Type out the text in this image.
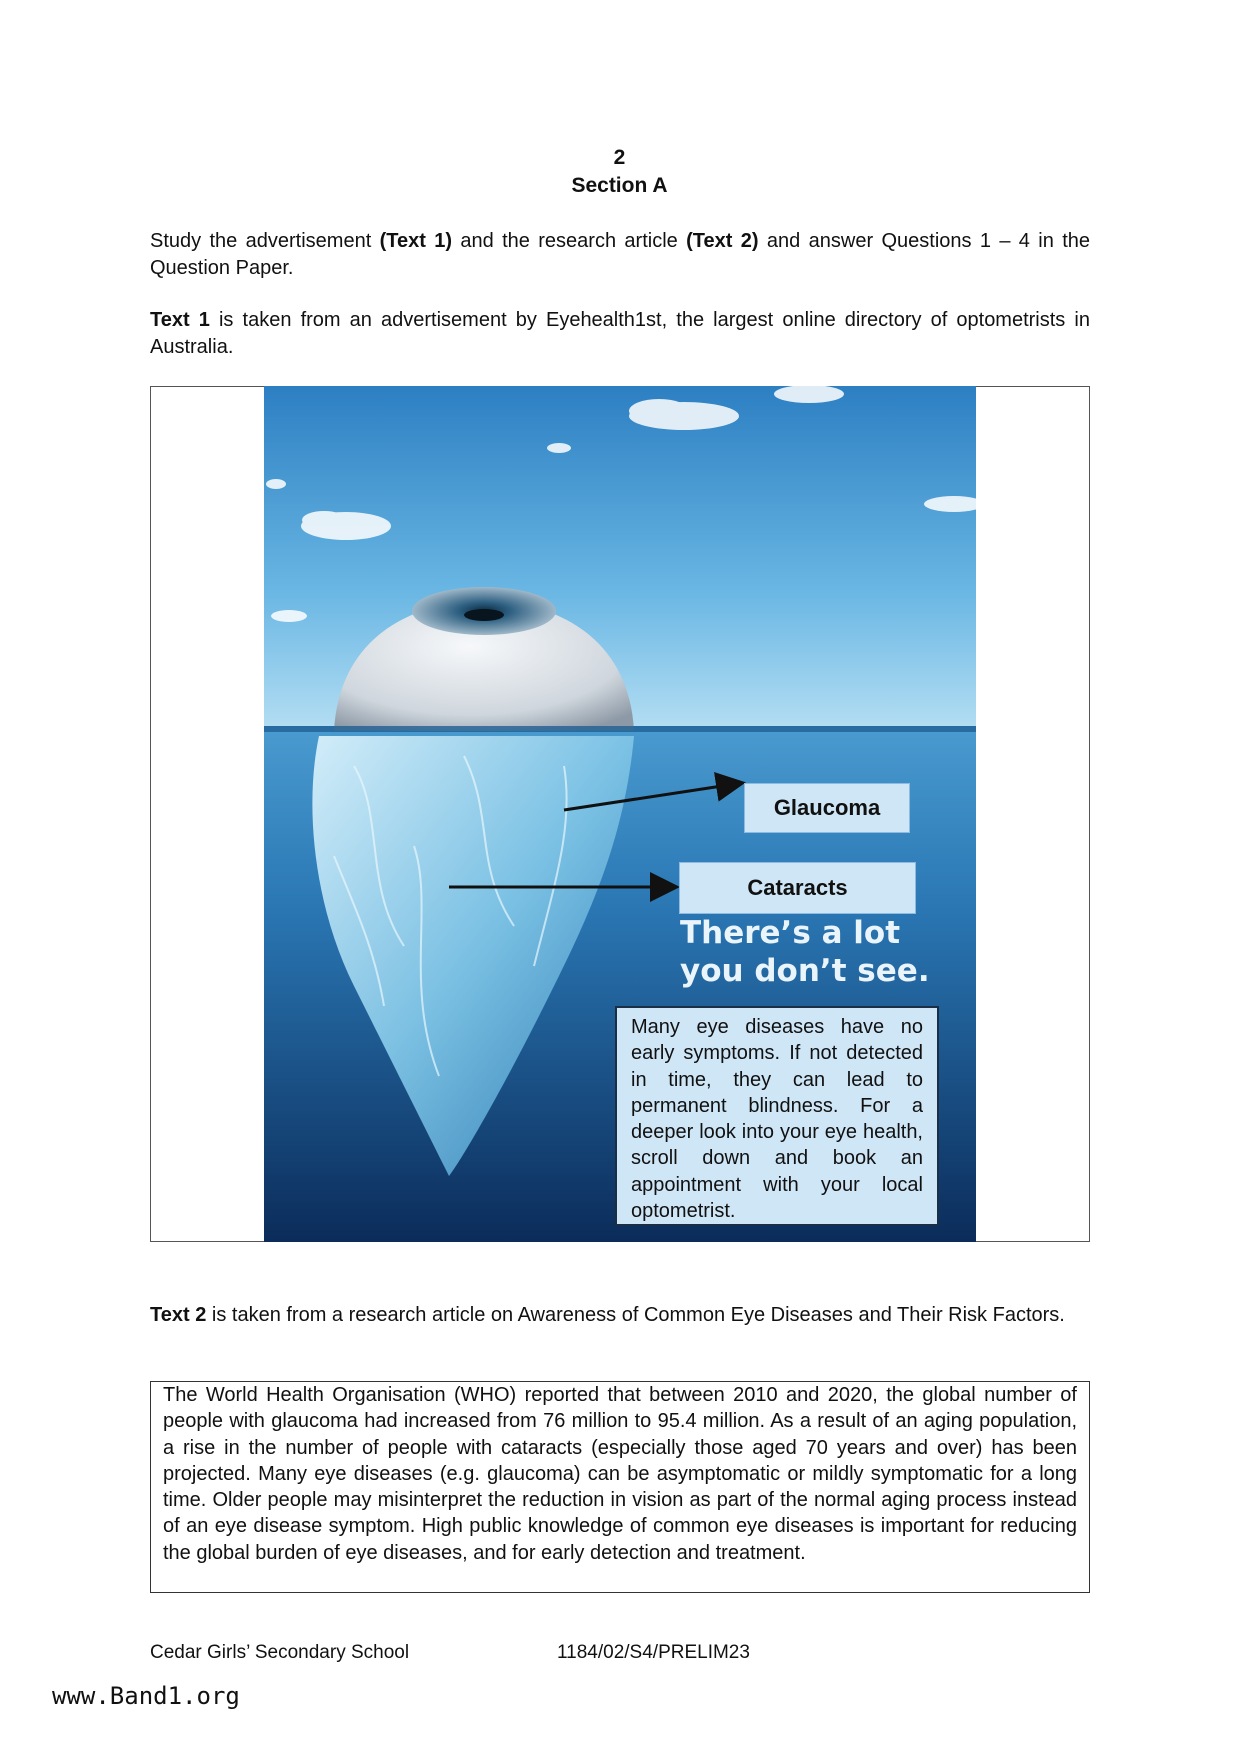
2
Section A
Study the advertisement (Text 1) and the research article (Text 2) and answer Questions 1 – 4 in the Question Paper.
Text 1 is taken from an advertisement by Eyehealth1st, the largest online directory of optometrists in Australia.
Glaucoma
Cataracts
There’s a lot
you don’t see.
Many eye diseases have no early symptoms. If not detected in time, they can lead to permanent blindness. For a deeper look into your eye health, scroll down and book an appointment with your local optometrist.
Text 2 is taken from a research article on Awareness of Common Eye Diseases and Their Risk Factors.
The World Health Organisation (WHO) reported that between 2010 and 2020, the global number of people with glaucoma had increased from 76 million to 95.4 million. As a result of an aging population, a rise in the number of people with cataracts (especially those aged 70 years and over) has been projected. Many eye diseases (e.g. glaucoma) can be asymptomatic or mildly symptomatic for a long time. Older people may misinterpret the reduction in vision as part of the normal aging process instead of an eye disease symptom. High public knowledge of common eye diseases is important for reducing the global burden of eye diseases, and for early detection and treatment.
Cedar Girls’ Secondary School	1184/02/S4/PRELIM23
www.Band1.org
